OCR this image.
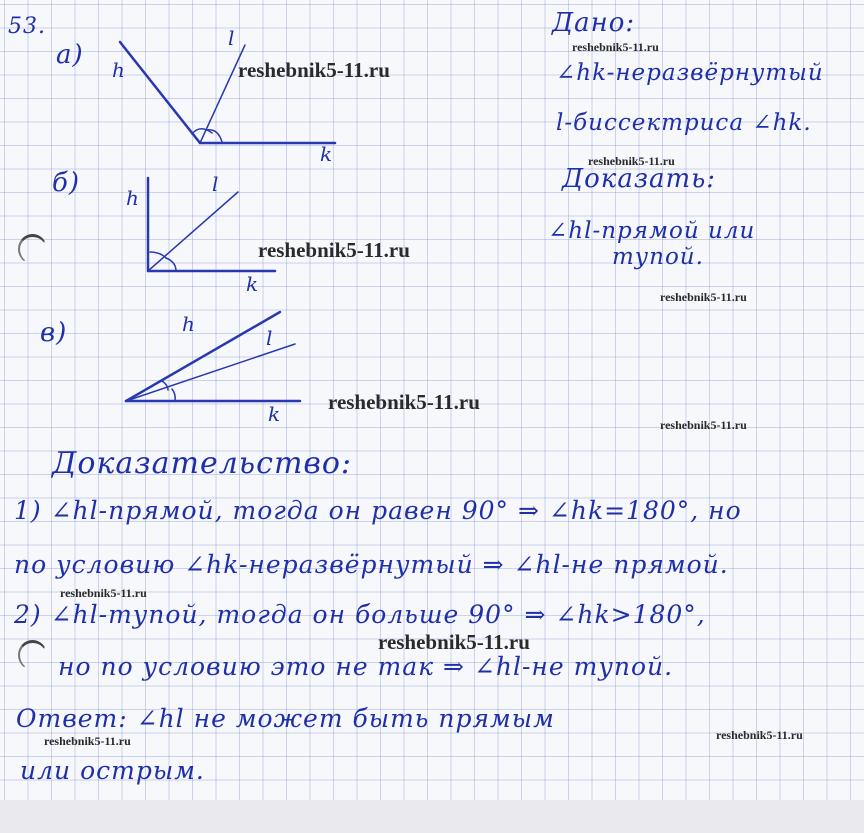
53.
а) h
l
k
б) h
l
k
в)	h
l
k
Дано:
∠hk-неразвёрнутый
l-биссектриса ∠hk.
Доказать:
∠hl-прямой или
тупой.
Доказательство:
1) ∠hl-прямой, тогда он равен 90° ⇒ ∠hk=180°, но
по условию ∠hk-неразвёрнутый ⇒ ∠hl-не прямой.
2) ∠hl-тупой, тогда он больше 90° ⇒ ∠hk>180°,
но по условию это не так ⇒ ∠hl-не тупой.
Ответ: ∠hl не может быть прямым
или острым.
reshebnik5-11.ru
reshebnik5-11.ru
reshebnik5-11.ru
reshebnik5-11.ru
reshebnik5-11.ru
reshebnik5-11.ru
reshebnik5-11.ru
reshebnik5-11.ru
reshebnik5-11.ru
reshebnik5-11.ru	reshebnik5-11.ru
